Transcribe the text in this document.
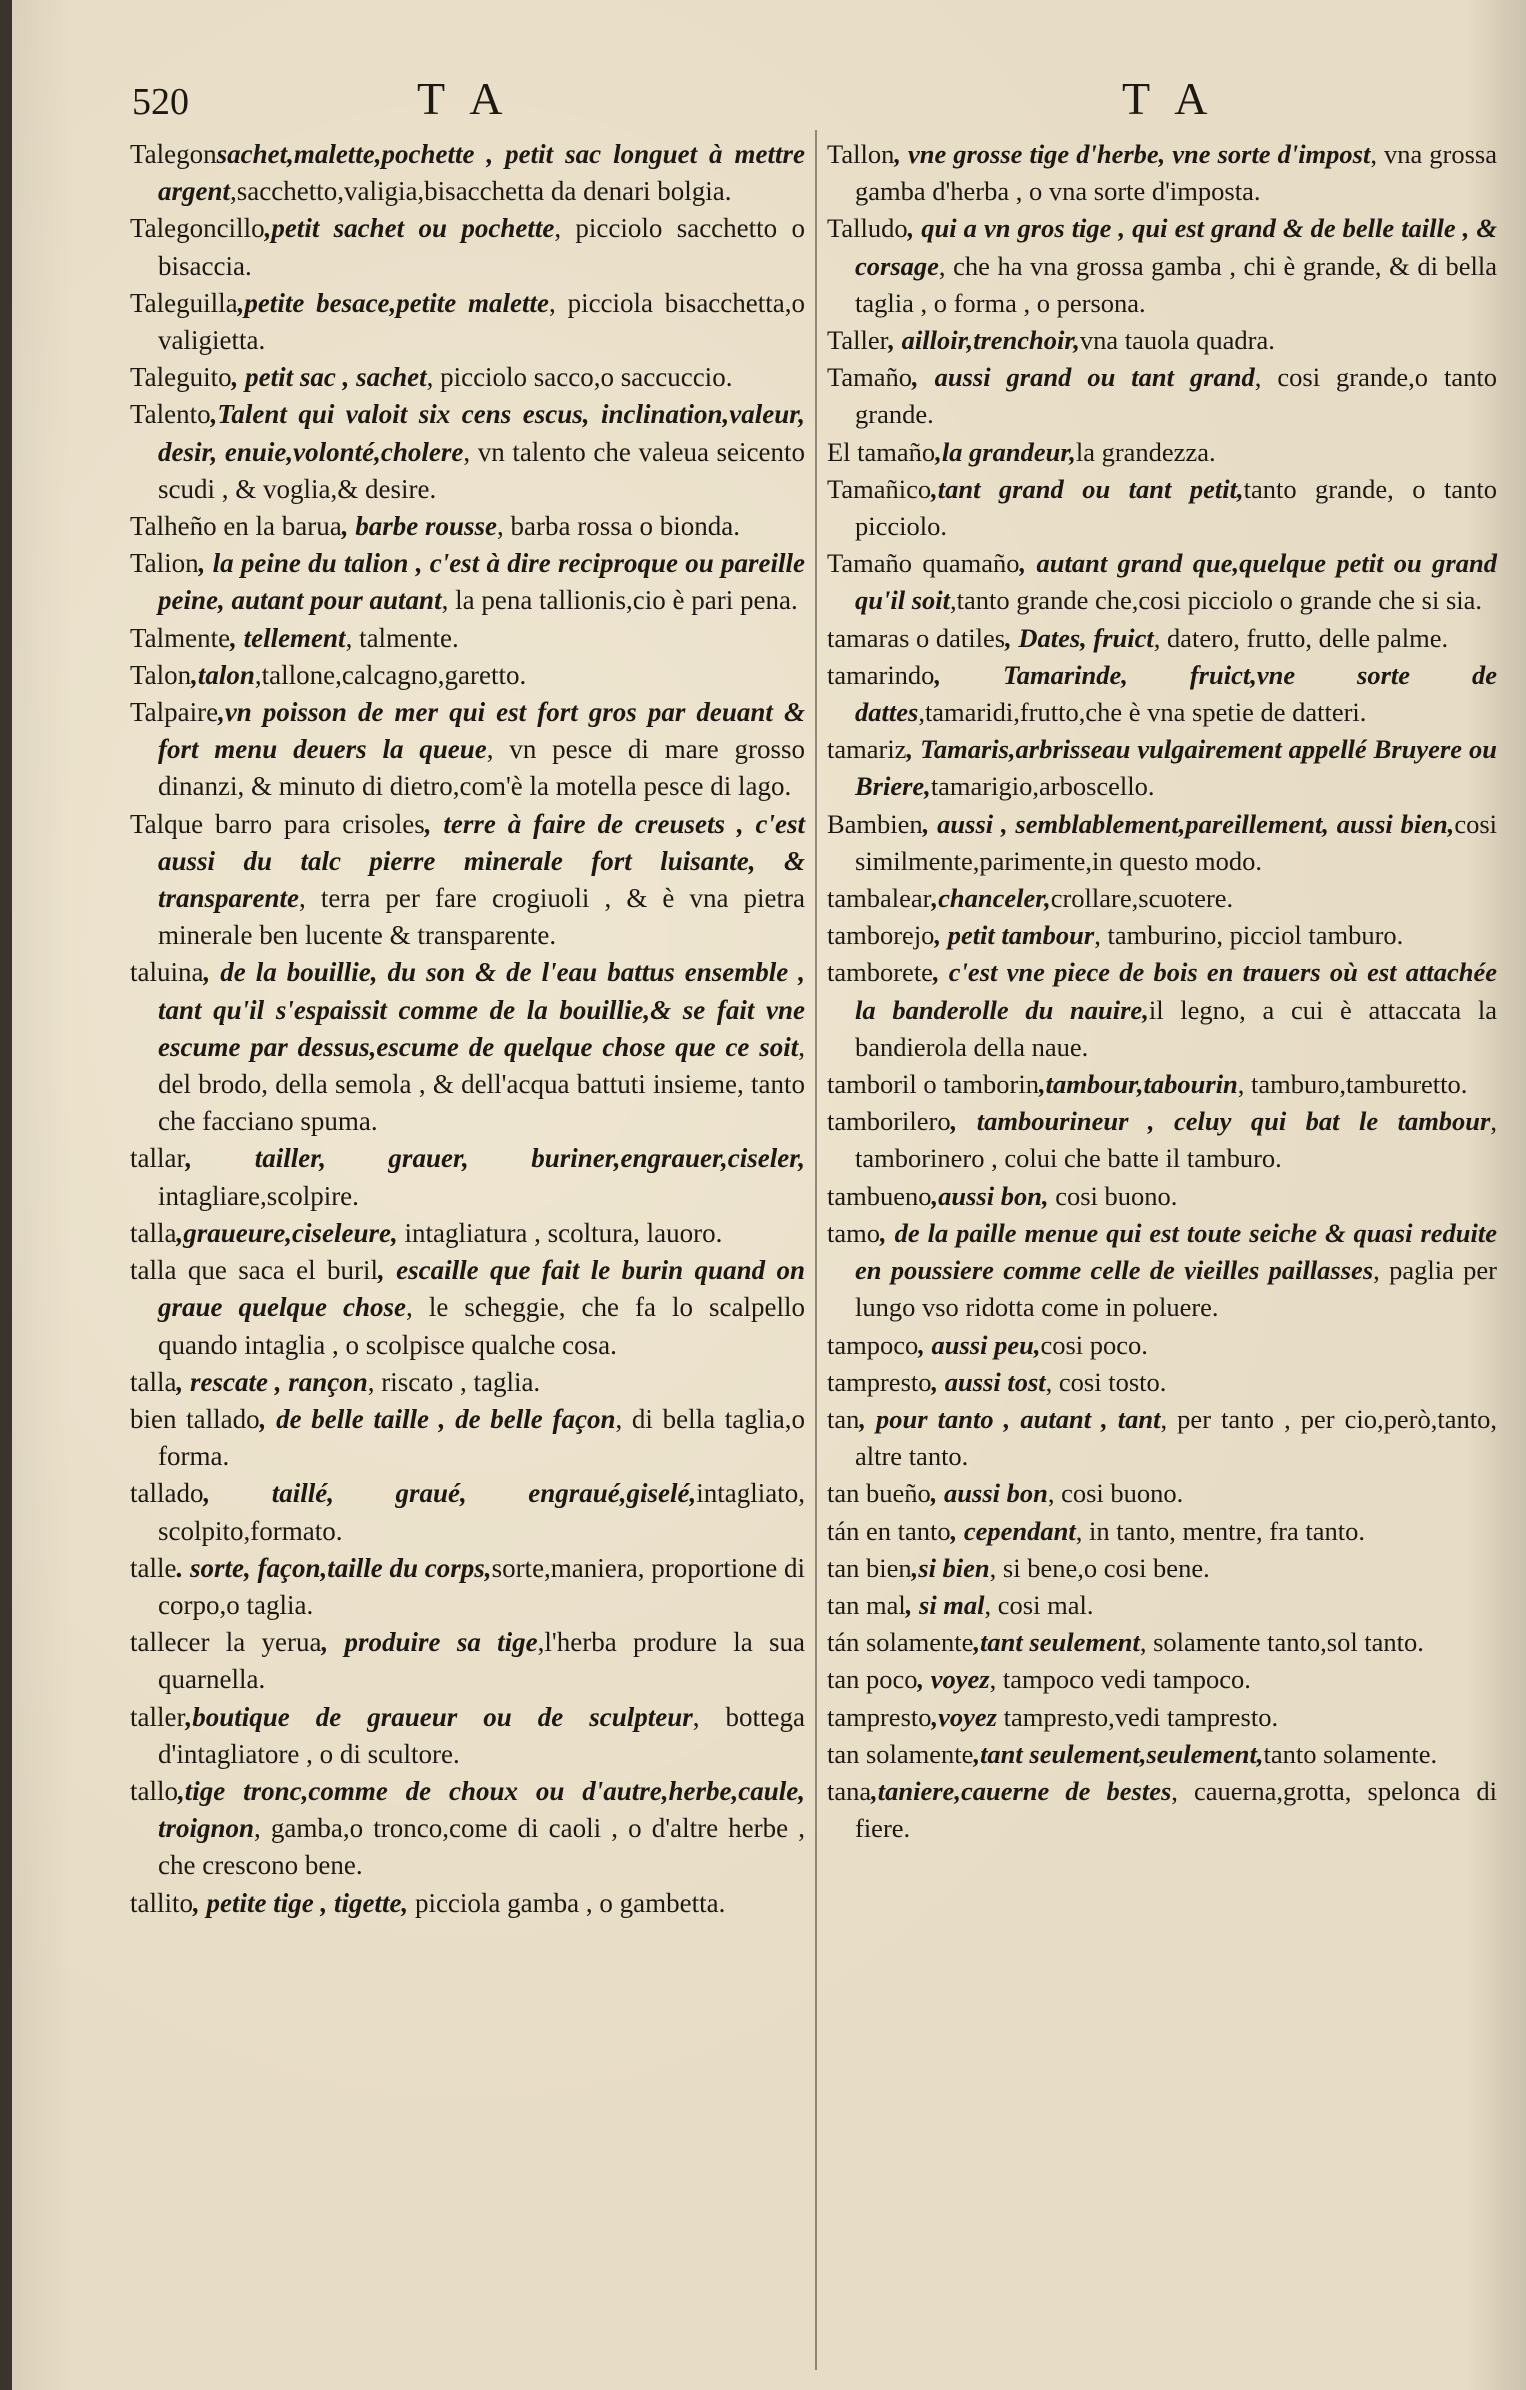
520	T A	T A

Talegonsachet,malette,pochette , petit sac longuet à mettre argent,sacchetto,valigia,bisacchetta da denari bolgia.

Talegoncillo,petit sachet ou pochette, picciolo sacchetto o bisaccia.

Taleguilla,petite besace,petite malette, picciola bisacchetta,o valigietta.

Taleguito, petit sac , sachet, picciolo sacco,o saccuccio.

Talento,Talent qui valoit six cens escus, inclination,valeur, desir, enuie,volonté,cholere, vn talento che valeua seicento scudi , & voglia,& desire.

Talheño en la barua, barbe rousse, barba rossa o bionda.

Talion, la peine du talion , c'est à dire reciproque ou pareille peine, autant pour autant, la pena tallionis,cio è pari pena.

Talmente, tellement, talmente.

Talon,talon,tallone,calcagno,garetto.

Talpaire,vn poisson de mer qui est fort gros par deuant & fort menu deuers la queue, vn pesce di mare grosso dinanzi, & minuto di dietro,com'è la motella pesce di lago.

Talque barro para crisoles, terre à faire de creusets , c'est aussi du talc pierre minerale fort luisante, & transparente, terra per fare crogiuoli , & è vna pietra minerale ben lucente & transparente.

taluina, de la bouillie, du son & de l'eau battus ensemble , tant qu'il s'espaissit comme de la bouillie,& se fait vne escume par dessus,escume de quelque chose que ce soit, del brodo, della semola , & dell'acqua battuti insieme, tanto che facciano spuma.

tallar, tailler, grauer, buriner,engrauer,ciseler, intagliare,scolpire.

talla,graueure,ciseleure, intagliatura , scoltura, lauoro.

talla que saca el buril, escaille que fait le burin quand on graue quelque chose, le scheggie, che fa lo scalpello quando intaglia , o scolpisce qualche cosa.

talla, rescate , rançon, riscato , taglia.

bien tallado, de belle taille , de belle façon, di bella taglia,o forma.

tallado, taillé, graué, engraué,giselé,intagliato, scolpito,formato.

talle. sorte, façon,taille du corps,sorte,maniera, proportione di corpo,o taglia.

tallecer la yerua, produire sa tige,l'herba produre la sua quarnella.

taller,boutique de graueur ou de sculpteur, bottega d'intagliatore , o di scultore.

tallo,tige tronc,comme de choux ou d'autre,herbe,caule, troignon, gamba,o tronco,come di caoli , o d'altre herbe , che crescono bene.

tallito, petite tige , tigette, picciola gamba , o gambetta.

Tallon, vne grosse tige d'herbe, vne sorte d'impost, vna grossa gamba d'herba , o vna sorte d'imposta.

Talludo, qui a vn gros tige , qui est grand & de belle taille , & corsage, che ha vna grossa gamba , chi è grande, & di bella taglia , o forma , o persona.

Taller, ailloir,trenchoir,vna tauola quadra.

Tamaño, aussi grand ou tant grand, cosi grande,o tanto grande.

El tamaño,la grandeur,la grandezza.

Tamañico,tant grand ou tant petit,tanto grande, o tanto picciolo.

Tamaño quamaño, autant grand que,quelque petit ou grand qu'il soit,tanto grande che,cosi picciolo o grande che si sia.

tamaras o datiles, Dates, fruict, datero, frutto, delle palme.

tamarindo, Tamarinde, fruict,vne sorte de dattes,tamaridi,frutto,che è vna spetie de datteri.

tamariz, Tamaris,arbrisseau vulgairement appellé Bruyere ou Briere,tamarigio,arboscello.

Bambien, aussi , semblablement,pareillement, aussi bien,cosi similmente,parimente,in questo modo.

tambalear,chanceler,crollare,scuotere.

tamborejo, petit tambour, tamburino, picciol tamburo.

tamborete, c'est vne piece de bois en trauers où est attachée la banderolle du nauire,il legno, a cui è attaccata la bandierola della naue.

tamboril o tamborin,tambour,tabourin, tamburo,tamburetto.

tamborilero, tambourineur , celuy qui bat le tambour, tamborinero , colui che batte il tamburo.

tambueno,aussi bon, cosi buono.

tamo, de la paille menue qui est toute seiche & quasi reduite en poussiere comme celle de vieilles paillasses, paglia per lungo vso ridotta come in poluere.

tampoco, aussi peu,cosi poco.

tampresto, aussi tost, cosi tosto.

tan, pour tanto , autant , tant, per tanto , per cio,però,tanto, altre tanto.

tan bueño, aussi bon, cosi buono.

tán en tanto, cependant, in tanto, mentre, fra tanto.

tan bien,si bien, si bene,o cosi bene.

tan mal, si mal, cosi mal.

tán solamente,tant seulement, solamente tanto,sol tanto.

tan poco, voyez, tampoco vedi tampoco.

tampresto,voyez tampresto,vedi tampresto.

tan solamente,tant seulement,seulement,tanto solamente.

tana,taniere,cauerne de bestes, cauerna,grotta, spelonca di fiere.
